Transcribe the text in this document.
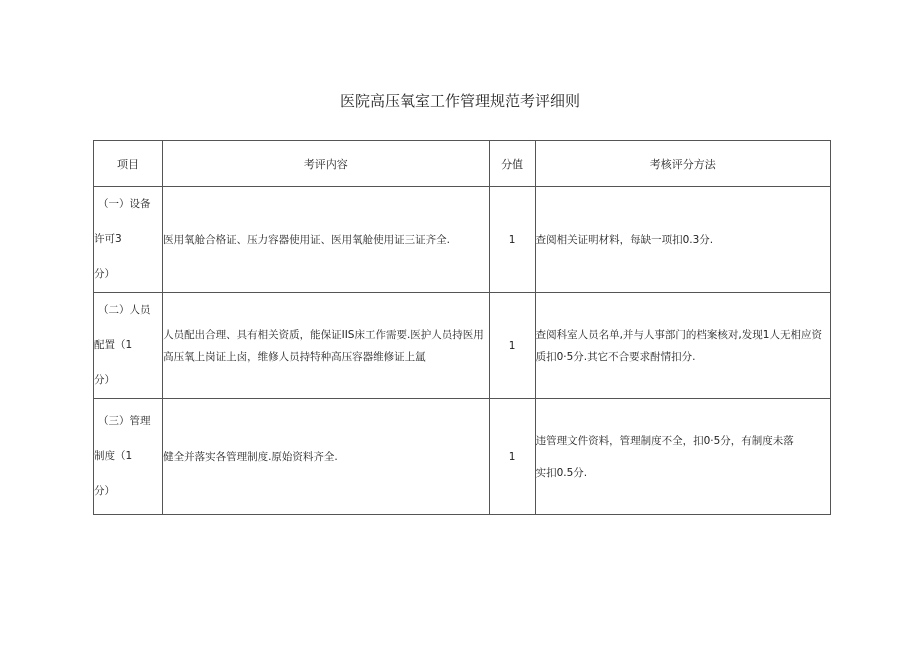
医院高压氧室工作管理规范考评细则
项目	考评内容	分值	考核评分方法

（一）设备
许可3
分）	医用氧舱合格证、压力容器使用证、医用氧舱使用证三证齐全.	1	查阅相关证明材料，每缺一项扣0.3分.

（二）人员
配置（1
分）	人员配出合理、具有相关资质，能保证IIS床工作需要.医护人员持医用高压氧上岗证上卤，维修人员持特种高压容器维修证上氲	1	查阅科室人员名单,并与人事部门的档案核对,发现1人无相应资质扣0·5分.其它不合要求酎情扣分.

（三）管理
制度（1
分）	健全并落实各管理制度.原始资料齐全.	1	违管理文件资料，管理制度不全，扣0·5分，有制度未落
实扣0.5分.
